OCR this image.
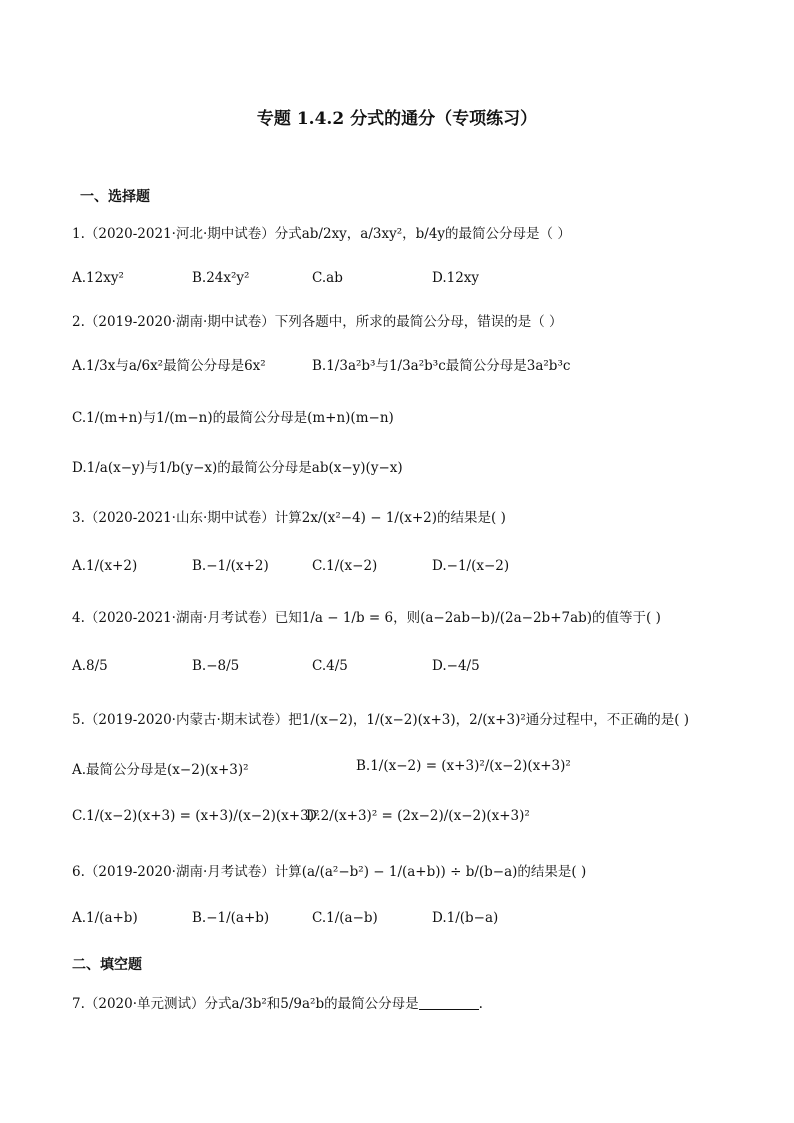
专题 1.4.2 分式的通分（专项练习）
一、选择题
1.（2020-2021·河北·期中试卷）分式ab/2xy，a/3xy²，b/4y的最简公分母是（ ）
A.12xy²	B.24x²y²	C.ab	D.12xy
2.（2019-2020·湖南·期中试卷）下列各题中，所求的最简公分母，错误的是（ ）
A.1/3x与a/6x²最简公分母是6x²	B.1/3a²b³与1/3a²b³c最简公分母是3a²b³c
C.1/(m+n)与1/(m−n)的最简公分母是(m+n)(m−n)
D.1/a(x−y)与1/b(y−x)的最简公分母是ab(x−y)(y−x)
3.（2020-2021·山东·期中试卷）计算2x/(x²−4) − 1/(x+2)的结果是( )
A.1/(x+2)	B.−1/(x+2)	C.1/(x−2)	D.−1/(x−2)
4.（2020-2021·湖南·月考试卷）已知1/a − 1/b = 6，则(a−2ab−b)/(2a−2b+7ab)的值等于( )
A.8/5	B.−8/5	C.4/5	D.−4/5
5.（2019-2020·内蒙古·期末试卷）把1/(x−2)，1/(x−2)(x+3)，2/(x+3)²通分过程中，不正确的是( )
A.最简公分母是(x−2)(x+3)²	B.1/(x−2) = (x+3)²/(x−2)(x+3)²
C.1/(x−2)(x+3) = (x+3)/(x−2)(x+3)²
D.2/(x+3)² = (2x−2)/(x−2)(x+3)²
6.（2019-2020·湖南·月考试卷）计算(a/(a²−b²) − 1/(a+b)) ÷ b/(b−a)的结果是( )
A.1/(a+b)	B.−1/(a+b)	C.1/(a−b)	D.1/(b−a)
二、填空题
7.（2020·单元测试）分式a/3b²和5/9a²b的最简公分母是	.
